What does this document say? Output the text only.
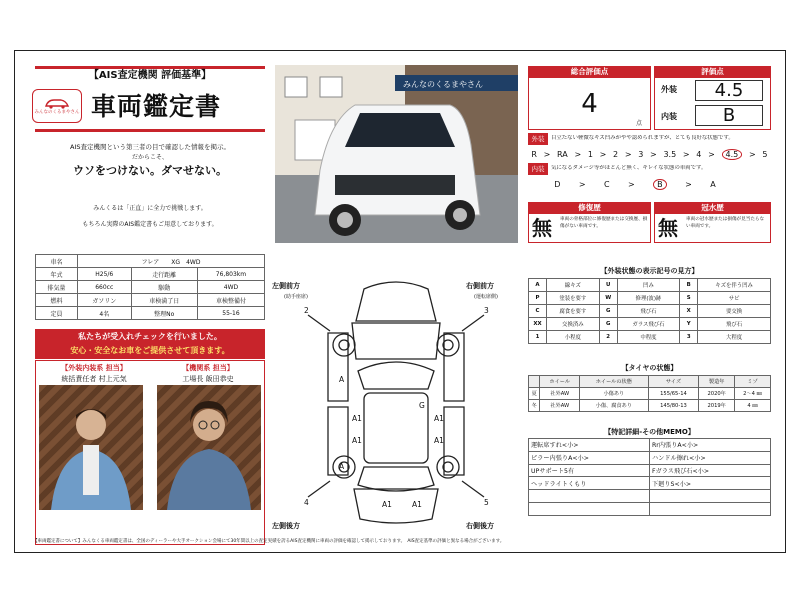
【AIS査定機関 評価基準】
みんなのくるまやさん 車両鑑定書
AIS査定機関という第三者の目で確認した情報を掲示。
だからこそ、
ウソをつけない。ダマせない。
みんくるは「正直」に全力で挑戦します。
もちろん実際のAIS鑑定書もご用意しております。
みんなのくるまやさん
総合評価点
4
点
評価点
外装	4.5
内装	B
外装	目立たない軽微なキズ凹みがやや認められますが、とても良好な状態です。
R > RA > 1 > 2 > 3 > 3.5 > 4 >	4.5	> 5
内装	気になるダメージ等がほとんど無く、キレイな状態の車両です。
D > C >	B	> A
修復歴
無 車両の骨格部位に修復歴または交換歴、損傷がない車両です。
冠水歴
無 車両の冠水歴または損傷が見当たらない車両です。
車名	フレア　　XG　4WD		
年式	H25/6	走行距離	76,803km
排気量	660cc	駆動	4WD
燃料	ガソリン	車検満了日	車検整備付
定員	4名	整理No	55-16
私たちが受入れチェックを行いました。
安心・安全なお車をご提供させて頂きます。
【外装内装系 担当】
統括責任者 村上元気
【機関系 担当】
工場長 飯田恭史
左側前方
(助手座席)
右側前方
(運転席側)
左側後方	右側後方
A
G
A1
A1
A1
A1
A
A1	A1
2	3
4	5
【外装状態の表示記号の見方】
A	線キズ	U	凹み	B	キズを伴う凹み
P	塗装を要す	W	修理(波)跡	S	サビ
C	腐食を要す	G	飛び石	X	要交換
XX	交換済み	G	ガラス飛び石	Y	飛び石
1	小程度	2	中程度	3	大程度
【タイヤの状態】
	ホイール	ホイールの状態	サイズ	製造年	ミゾ
夏	社外AW	小傷あり	155/65-14	2020年	2～4 ㎜
冬	社外AW	小傷、腐食あり	145/80-13	2019年	4 ㎜
【特記詳細-その他MEMO】
運転席すれ<小>	Rr内張りA<小>
ピラー内張りA<小>	ハンドル擦れ<小>
UPサポート5有	Fガラス飛び石<小>
ヘッドライトくもり	下廻りS<小>

【車両鑑定書について】みんなくる車両鑑定書は、全国のディーラーや大手オークション会場にて30年間以上の査定実績を誇るAIS査定機関に車両の評価を確認して掲示しております。　AIS査定基準の評価と異なる場合がございます。
